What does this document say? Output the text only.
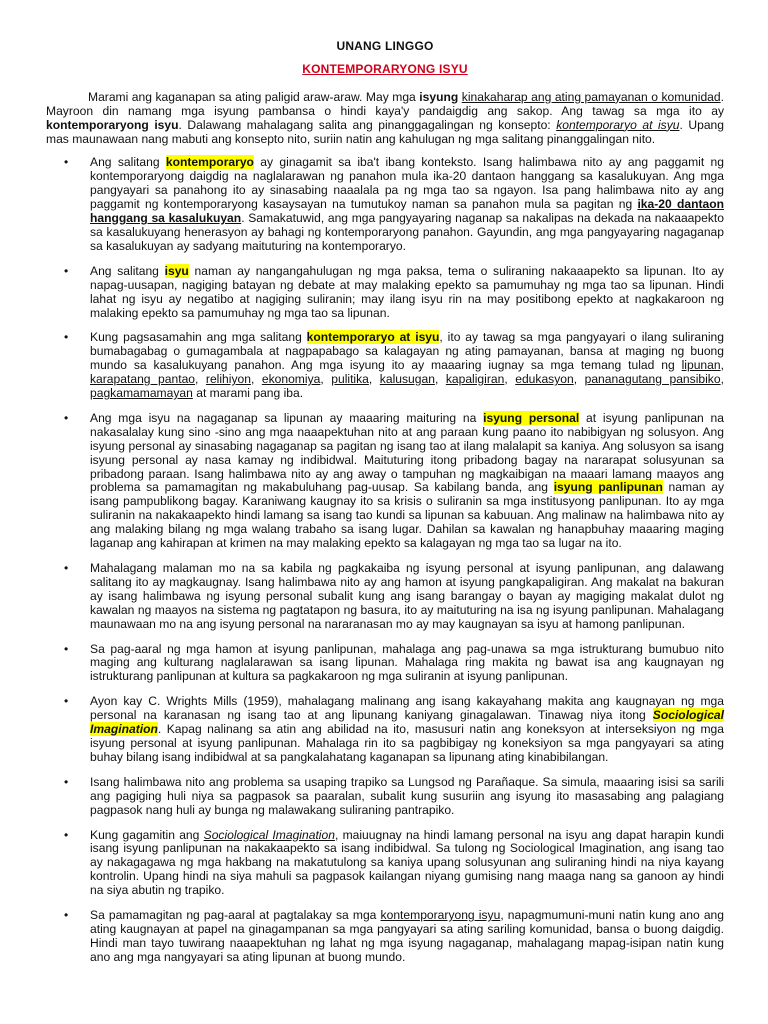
UNANG LINGGO
KONTEMPORARYONG ISYU

Marami ang kaganapan sa ating paligid araw-araw. May mga isyung kinakaharap ang ating pamayanan o komunidad. Mayroon din namang mga isyung pambansa o hindi kaya'y pandaigdig ang sakop. Ang tawag sa mga ito ay kontemporaryong isyu. Dalawang mahalagang salita ang pinanggagalingan ng konsepto: kontemporaryo at isyu. Upang mas maunawaan nang mabuti ang konsepto nito, suriin natin ang kahulugan ng mga salitang pinanggalingan nito.

• Ang salitang kontemporaryo ay ginagamit sa iba't ibang konteksto. Isang halimbawa nito ay ang paggamit ng kontemporaryong daigdig na naglalarawan ng panahon mula ika-20 dantaon hanggang sa kasalukuyan. Ang mga pangyayari sa panahong ito ay sinasabing naaalala pa ng mga tao sa ngayon. Isa pang halimbawa nito ay ang paggamit ng kontemporaryong kasaysayan na tumutukoy naman sa panahon mula sa pagitan ng ika-20 dantaon hanggang sa kasalukuyan. Samakatuwid, ang mga pangyayaring naganap sa nakalipas na dekada na nakaaapekto sa kasalukuyang henerasyon ay bahagi ng kontemporaryong panahon. Gayundin, ang mga pangyayaring nagaganap sa kasalukuyan ay sadyang maituturing na kontemporaryo.
• Ang salitang isyu naman ay nangangahulugan ng mga paksa, tema o suliraning nakaaapekto sa lipunan. Ito ay napag-uusapan, nagiging batayan ng debate at may malaking epekto sa pamumuhay ng mga tao sa lipunan. Hindi lahat ng isyu ay negatibo at nagiging suliranin; may ilang isyu rin na may positibong epekto at nagkakaroon ng malaking epekto sa pamumuhay ng mga tao sa lipunan.
• Kung pagsasamahin ang mga salitang kontemporaryo at isyu, ito ay tawag sa mga pangyayari o ilang suliraning bumabagabag o gumagambala at nagpapabago sa kalagayan ng ating pamayanan, bansa at maging ng buong mundo sa kasalukuyang panahon. Ang mga isyung ito ay maaaring iugnay sa mga temang tulad ng lipunan, karapatang pantao, relihiyon, ekonomiya, pulitika, kalusugan, kapaligiran, edukasyon, pananagutang pansibiko, pagkamamamayan at marami pang iba.
• Ang mga isyu na nagaganap sa lipunan ay maaaring maituring na isyung personal at isyung panlipunan na nakasalalay kung sino -sino ang mga naaapektuhan nito at ang paraan kung paano ito nabibigyan ng solusyon. Ang isyung personal ay sinasabing nagaganap sa pagitan ng isang tao at ilang malalapit sa kaniya. Ang solusyon sa isang isyung personal ay nasa kamay ng indibidwal. Maituturing itong pribadong bagay na nararapat solusyunan sa pribadong paraan. Isang halimbawa nito ay ang away o tampuhan ng magkaibigan na maaari lamang maayos ang problema sa pamamagitan ng makabuluhang pag-uusap. Sa kabilang banda, ang isyung panlipunan naman ay isang pampublikong bagay. Karaniwang kaugnay ito sa krisis o suliranin sa mga institusyong panlipunan. Ito ay mga suliranin na nakakaapekto hindi lamang sa isang tao kundi sa lipunan sa kabuuan. Ang malinaw na halimbawa nito ay ang malaking bilang ng mga walang trabaho sa isang lugar. Dahilan sa kawalan ng hanapbuhay maaaring maging laganap ang kahirapan at krimen na may malaking epekto sa kalagayan ng mga tao sa lugar na ito.
• Mahalagang malaman mo na sa kabila ng pagkakaiba ng isyung personal at isyung panlipunan, ang dalawang salitang ito ay magkaugnay. Isang halimbawa nito ay ang hamon at isyung pangkapaligiran. Ang makalat na bakuran ay isang halimbawa ng isyung personal subalit kung ang isang barangay o bayan ay magiging makalat dulot ng kawalan ng maayos na sistema ng pagtatapon ng basura, ito ay maituturing na isa ng isyung panlipunan. Mahalagang maunawaan mo na ang isyung personal na nararanasan mo ay may kaugnayan sa isyu at hamong panlipunan.
• Sa pag-aaral ng mga hamon at isyung panlipunan, mahalaga ang pag-unawa sa mga istrukturang bumubuo nito maging ang kulturang naglalarawan sa isang lipunan. Mahalaga ring makita ng bawat isa ang kaugnayan ng istrukturang panlipunan at kultura sa pagkakaroon ng mga suliranin at isyung panlipunan.
• Ayon kay C. Wrights Mills (1959), mahalagang malinang ang isang kakayahang makita ang kaugnayan ng mga personal na karanasan ng isang tao at ang lipunang kaniyang ginagalawan. Tinawag niya itong Sociological Imagination. Kapag nalinang sa atin ang abilidad na ito, masusuri natin ang koneksyon at interseksiyon ng mga isyung personal at isyung panlipunan. Mahalaga rin ito sa pagbibigay ng koneksiyon sa mga pangyayari sa ating buhay bilang isang indibidwal at sa pangkalahatang kaganapan sa lipunang ating kinabibilangan.
• Isang halimbawa nito ang problema sa usaping trapiko sa Lungsod ng Parañaque. Sa simula, maaaring isisi sa sarili ang pagiging huli niya sa pagpasok sa paaralan, subalit kung susuriin ang isyung ito masasabing ang palagiang pagpasok nang huli ay bunga ng malawakang suliraning pantrapiko.
• Kung gagamitin ang Sociological Imagination, maiuugnay na hindi lamang personal na isyu ang dapat harapin kundi isang isyung panlipunan na nakakaapekto sa isang indibidwal. Sa tulong ng Sociological Imagination, ang isang tao ay nakagagawa ng mga hakbang na makatutulong sa kaniya upang solusyunan ang suliraning hindi na niya kayang kontrolin. Upang hindi na siya mahuli sa pagpasok kailangan niyang gumising nang maaga nang sa ganoon ay hindi na siya abutin ng trapiko.
• Sa pamamagitan ng pag-aaral at pagtalakay sa mga kontemporaryong isyu, napagmumuni-muni natin kung ano ang ating kaugnayan at papel na ginagampanan sa mga pangyayari sa ating sariling komunidad, bansa o buong daigdig. Hindi man tayo tuwirang naaapektuhan ng lahat ng mga isyung nagaganap, mahalagang mapag-isipan natin kung ano ang mga nangyayari sa ating lipunan at buong mundo.
